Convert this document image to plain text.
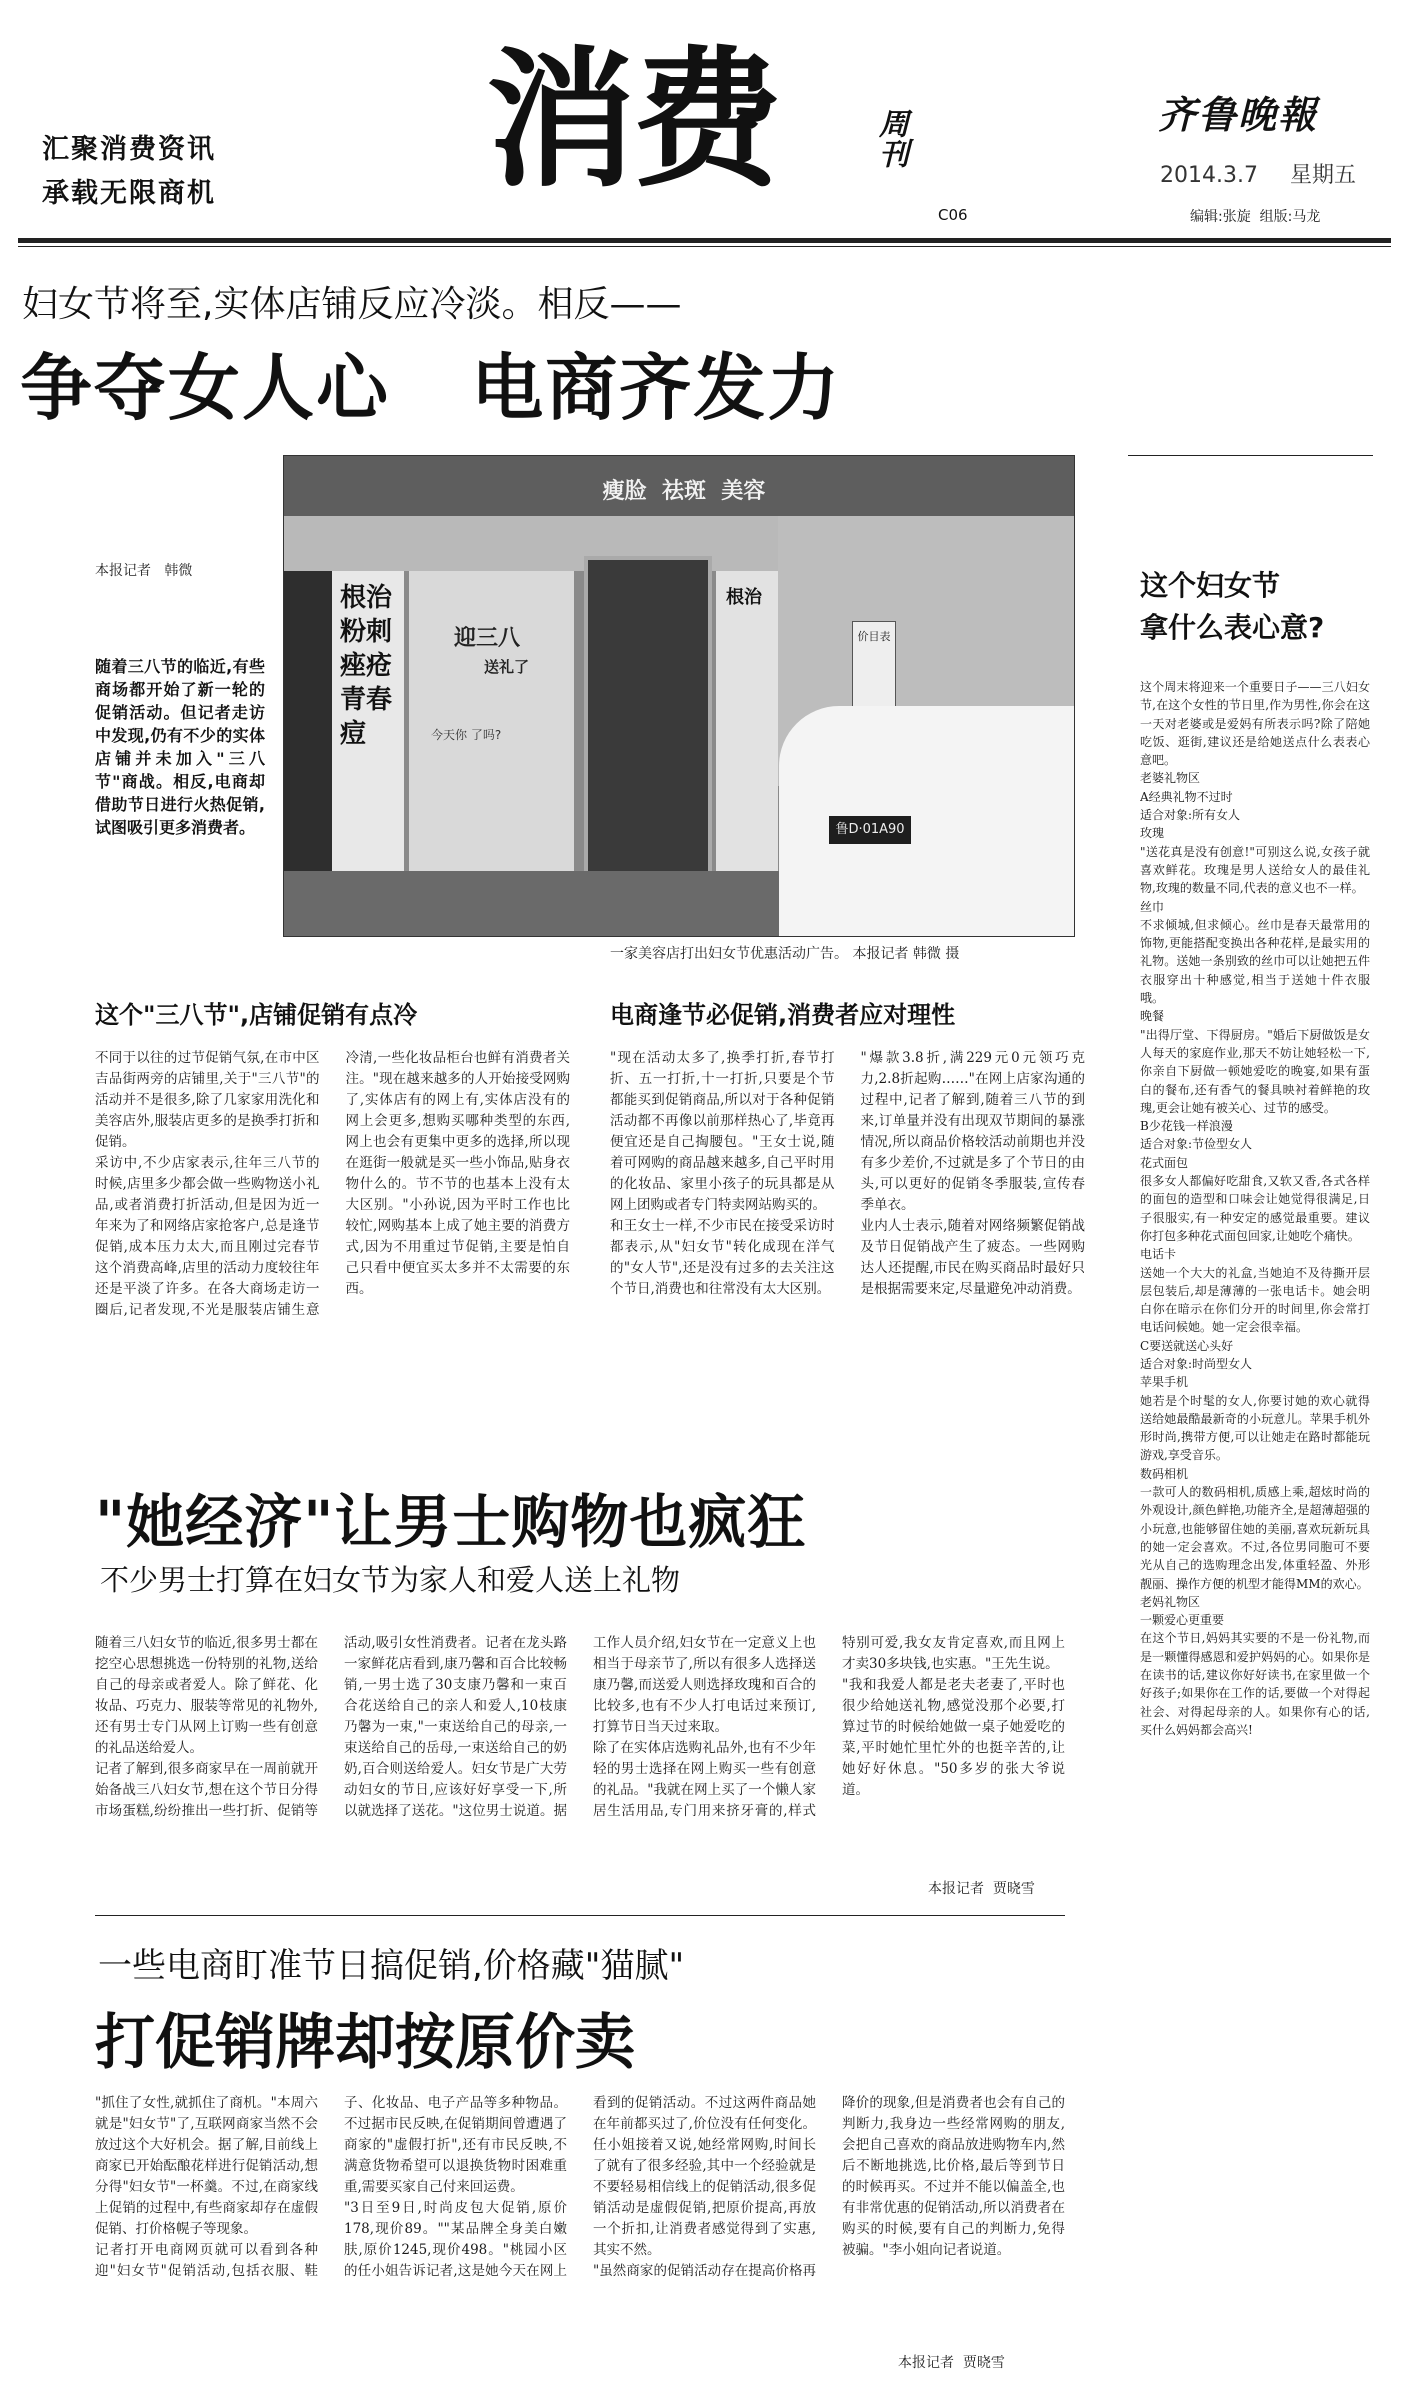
汇聚消费资讯
承载无限商机 消费	周刊
C06
齐鲁晚報
2014.3.7 星期五
编辑:张旋  组版:马龙
妇女节将至,实体店铺反应冷淡。相反——
争夺女人心   电商齐发力
瘦脸  祛斑  美容
根治粉刺痤疮青春痘
迎三八
送礼了
今天你 了吗?
根治
价目表
鲁D·01A90
一家美容店打出妇女节优惠活动广告。 本报记者 韩微 摄
本报记者   韩微
随着三八节的临近,有些商场都开始了新一轮的促销活动。但记者走访中发现,仍有不少的实体店铺并未加入"三八节"商战。相反,电商却借助节日进行火热促销,试图吸引更多消费者。
这个"三八节",店铺促销有点冷
不同于以往的过节促销气氛,在市中区吉品街两旁的店铺里,关于"三八节"的活动并不是很多,除了几家家用洗化和美容店外,服装店更多的是换季打折和促销。
采访中,不少店家表示,往年三八节的时候,店里多少都会做一些购物送小礼品,或者消费打折活动,但是因为近一年来为了和网络店家抢客户,总是逢节促销,成本压力太大,而且刚过完春节这个消费高峰,店里的活动力度较往年还是平淡了许多。在各大商场走访一圈后,记者发现,不光是服装店铺生意冷清,一些化妆品柜台也鲜有消费者关注。"现在越来越多的人开始接受网购了,实体店有的网上有,实体店没有的网上会更多,想购买哪种类型的东西,网上也会有更集中更多的选择,所以现在逛街一般就是买一些小饰品,贴身衣物什么的。节不节的也基本上没有太大区别。"小孙说,因为平时工作也比较忙,网购基本上成了她主要的消费方式,因为不用重过节促销,主要是怕自己只看中便宜买太多并不太需要的东西。
电商逢节必促销,消费者应对理性
"现在活动太多了,换季打折,春节打折、五一打折,十一打折,只要是个节都能买到促销商品,所以对于各种促销活动都不再像以前那样热心了,毕竟再便宜还是自己掏腰包。"王女士说,随着可网购的商品越来越多,自己平时用的化妆品、家里小孩子的玩具都是从网上团购或者专门特卖网站购买的。
和王女士一样,不少市民在接受采访时都表示,从"妇女节"转化成现在洋气的"女人节",还是没有过多的去关注这个节日,消费也和往常没有太大区别。
"爆款3.8折,满229元0元领巧克力,2.8折起购……"在网上店家沟通的过程中,记者了解到,随着三八节的到来,订单量并没有出现双节期间的暴涨情况,所以商品价格较活动前期也并没有多少差价,不过就是多了个节日的由头,可以更好的促销冬季服装,宣传春季单衣。
业内人士表示,随着对网络频繁促销战及节日促销战产生了疲态。一些网购达人还提醒,市民在购买商品时最好只是根据需要来定,尽量避免冲动消费。
这个妇女节
拿什么表心意?
这个周末将迎来一个重要日子——三八妇女节,在这个女性的节日里,作为男性,你会在这一天对老婆或是爱妈有所表示吗?除了陪她吃饭、逛街,建议还是给她送点什么表表心意吧。
老婆礼物区
A经典礼物不过时
适合对象:所有女人
玫瑰
"送花真是没有创意!"可别这么说,女孩子就喜欢鲜花。玫瑰是男人送给女人的最佳礼物,玫瑰的数量不同,代表的意义也不一样。
丝巾
不求倾城,但求倾心。丝巾是春天最常用的饰物,更能搭配变换出各种花样,是最实用的礼物。送她一条别致的丝巾可以让她把五件衣服穿出十种感觉,相当于送她十件衣服哦。
晚餐
"出得厅堂、下得厨房。"婚后下厨做饭是女人每天的家庭作业,那天不妨让她轻松一下,你亲自下厨做一顿她爱吃的晚宴,如果有蛋白的餐布,还有香气的餐具映衬着鲜艳的玫瑰,更会让她有被关心、过节的感受。
B少花钱一样浪漫
适合对象:节俭型女人
花式面包
很多女人都偏好吃甜食,又软又香,各式各样的面包的造型和口味会让她觉得很满足,日子很服实,有一种安定的感觉最重要。建议你打包多种花式面包回家,让她吃个痛快。
电话卡
送她一个大大的礼盒,当她迫不及待撕开层层包装后,却是薄薄的一张电话卡。她会明白你在暗示在你们分开的时间里,你会常打电话问候她。她一定会很幸福。
C要送就送心头好
适合对象:时尚型女人
苹果手机
她若是个时髦的女人,你要讨她的欢心就得送给她最酷最新奇的小玩意儿。苹果手机外形时尚,携带方便,可以让她走在路时都能玩游戏,享受音乐。
数码相机
一款可人的数码相机,质感上乘,超炫时尚的外观设计,颜色鲜艳,功能齐全,是超薄超强的小玩意,也能够留住她的美丽,喜欢玩新玩具的她一定会喜欢。不过,各位男同胞可不要光从自己的选购理念出发,体重轻盈、外形靓丽、操作方便的机型才能得MM的欢心。
老妈礼物区
一颗爱心更重要
在这个节日,妈妈其实要的不是一份礼物,而是一颗懂得感恩和爱护妈妈的心。如果你是在读书的话,建议你好好读书,在家里做一个好孩子;如果你在工作的话,要做一个对得起社会、对得起母亲的人。如果你有心的话,买什么妈妈都会高兴!
"她经济"让男士购物也疯狂
不少男士打算在妇女节为家人和爱人送上礼物
随着三八妇女节的临近,很多男士都在挖空心思想挑选一份特别的礼物,送给自己的母亲或者爱人。除了鲜花、化妆品、巧克力、服装等常见的礼物外,还有男士专门从网上订购一些有创意的礼品送给爱人。
记者了解到,很多商家早在一周前就开始备战三八妇女节,想在这个节日分得市场蛋糕,纷纷推出一些打折、促销等活动,吸引女性消费者。记者在龙头路一家鲜花店看到,康乃馨和百合比较畅销,一男士选了30支康乃馨和一束百合花送给自己的亲人和爱人,10枝康乃馨为一束,"一束送给自己的母亲,一束送给自己的岳母,一束送给自己的奶奶,百合则送给爱人。妇女节是广大劳动妇女的节日,应该好好享受一下,所以就选择了送花。"这位男士说道。据工作人员介绍,妇女节在一定意义上也相当于母亲节了,所以有很多人选择送康乃馨,而送爱人则选择玫瑰和百合的比较多,也有不少人打电话过来预订,打算节日当天过来取。
除了在实体店选购礼品外,也有不少年轻的男士选择在网上购买一些有创意的礼品。"我就在网上买了一个懒人家居生活用品,专门用来挤牙膏的,样式特别可爱,我女友肯定喜欢,而且网上才卖30多块钱,也实惠。"王先生说。
"我和我爱人都是老夫老妻了,平时也很少给她送礼物,感觉没那个必要,打算过节的时候给她做一桌子她爱吃的菜,平时她忙里忙外的也挺辛苦的,让她好好休息。"50多岁的张大爷说道。
本报记者  贾晓雪
一些电商盯准节日搞促销,价格藏"猫腻"
打促销牌却按原价卖
"抓住了女性,就抓住了商机。"本周六就是"妇女节"了,互联网商家当然不会放过这个大好机会。据了解,目前线上商家已开始酝酿花样进行促销活动,想分得"妇女节"一杯羹。不过,在商家线上促销的过程中,有些商家却存在虚假促销、打价格幌子等现象。
记者打开电商网页就可以看到各种迎"妇女节"促销活动,包括衣服、鞋子、化妆品、电子产品等多种物品。不过据市民反映,在促销期间曾遭遇了商家的"虚假打折",还有市民反映,不满意货物希望可以退换货物时困难重重,需要买家自己付来回运费。
"3日至9日,时尚皮包大促销,原价178,现价89。""某品牌全身美白嫩肤,原价1245,现价498。"桃园小区的任小姐告诉记者,这是她今天在网上看到的促销活动。不过这两件商品她在年前都买过了,价位没有任何变化。任小姐接着又说,她经常网购,时间长了就有了很多经验,其中一个经验就是不要轻易相信线上的促销活动,很多促销活动是虚假促销,把原价提高,再放一个折扣,让消费者感觉得到了实惠,其实不然。
"虽然商家的促销活动存在提高价格再降价的现象,但是消费者也会有自己的判断力,我身边一些经常网购的朋友,会把自己喜欢的商品放进购物车内,然后不断地挑选,比价格,最后等到节日的时候再买。不过并不能以偏盖全,也有非常优惠的促销活动,所以消费者在购买的时候,要有自己的判断力,免得被骗。"李小姐向记者说道。
本报记者  贾晓雪
